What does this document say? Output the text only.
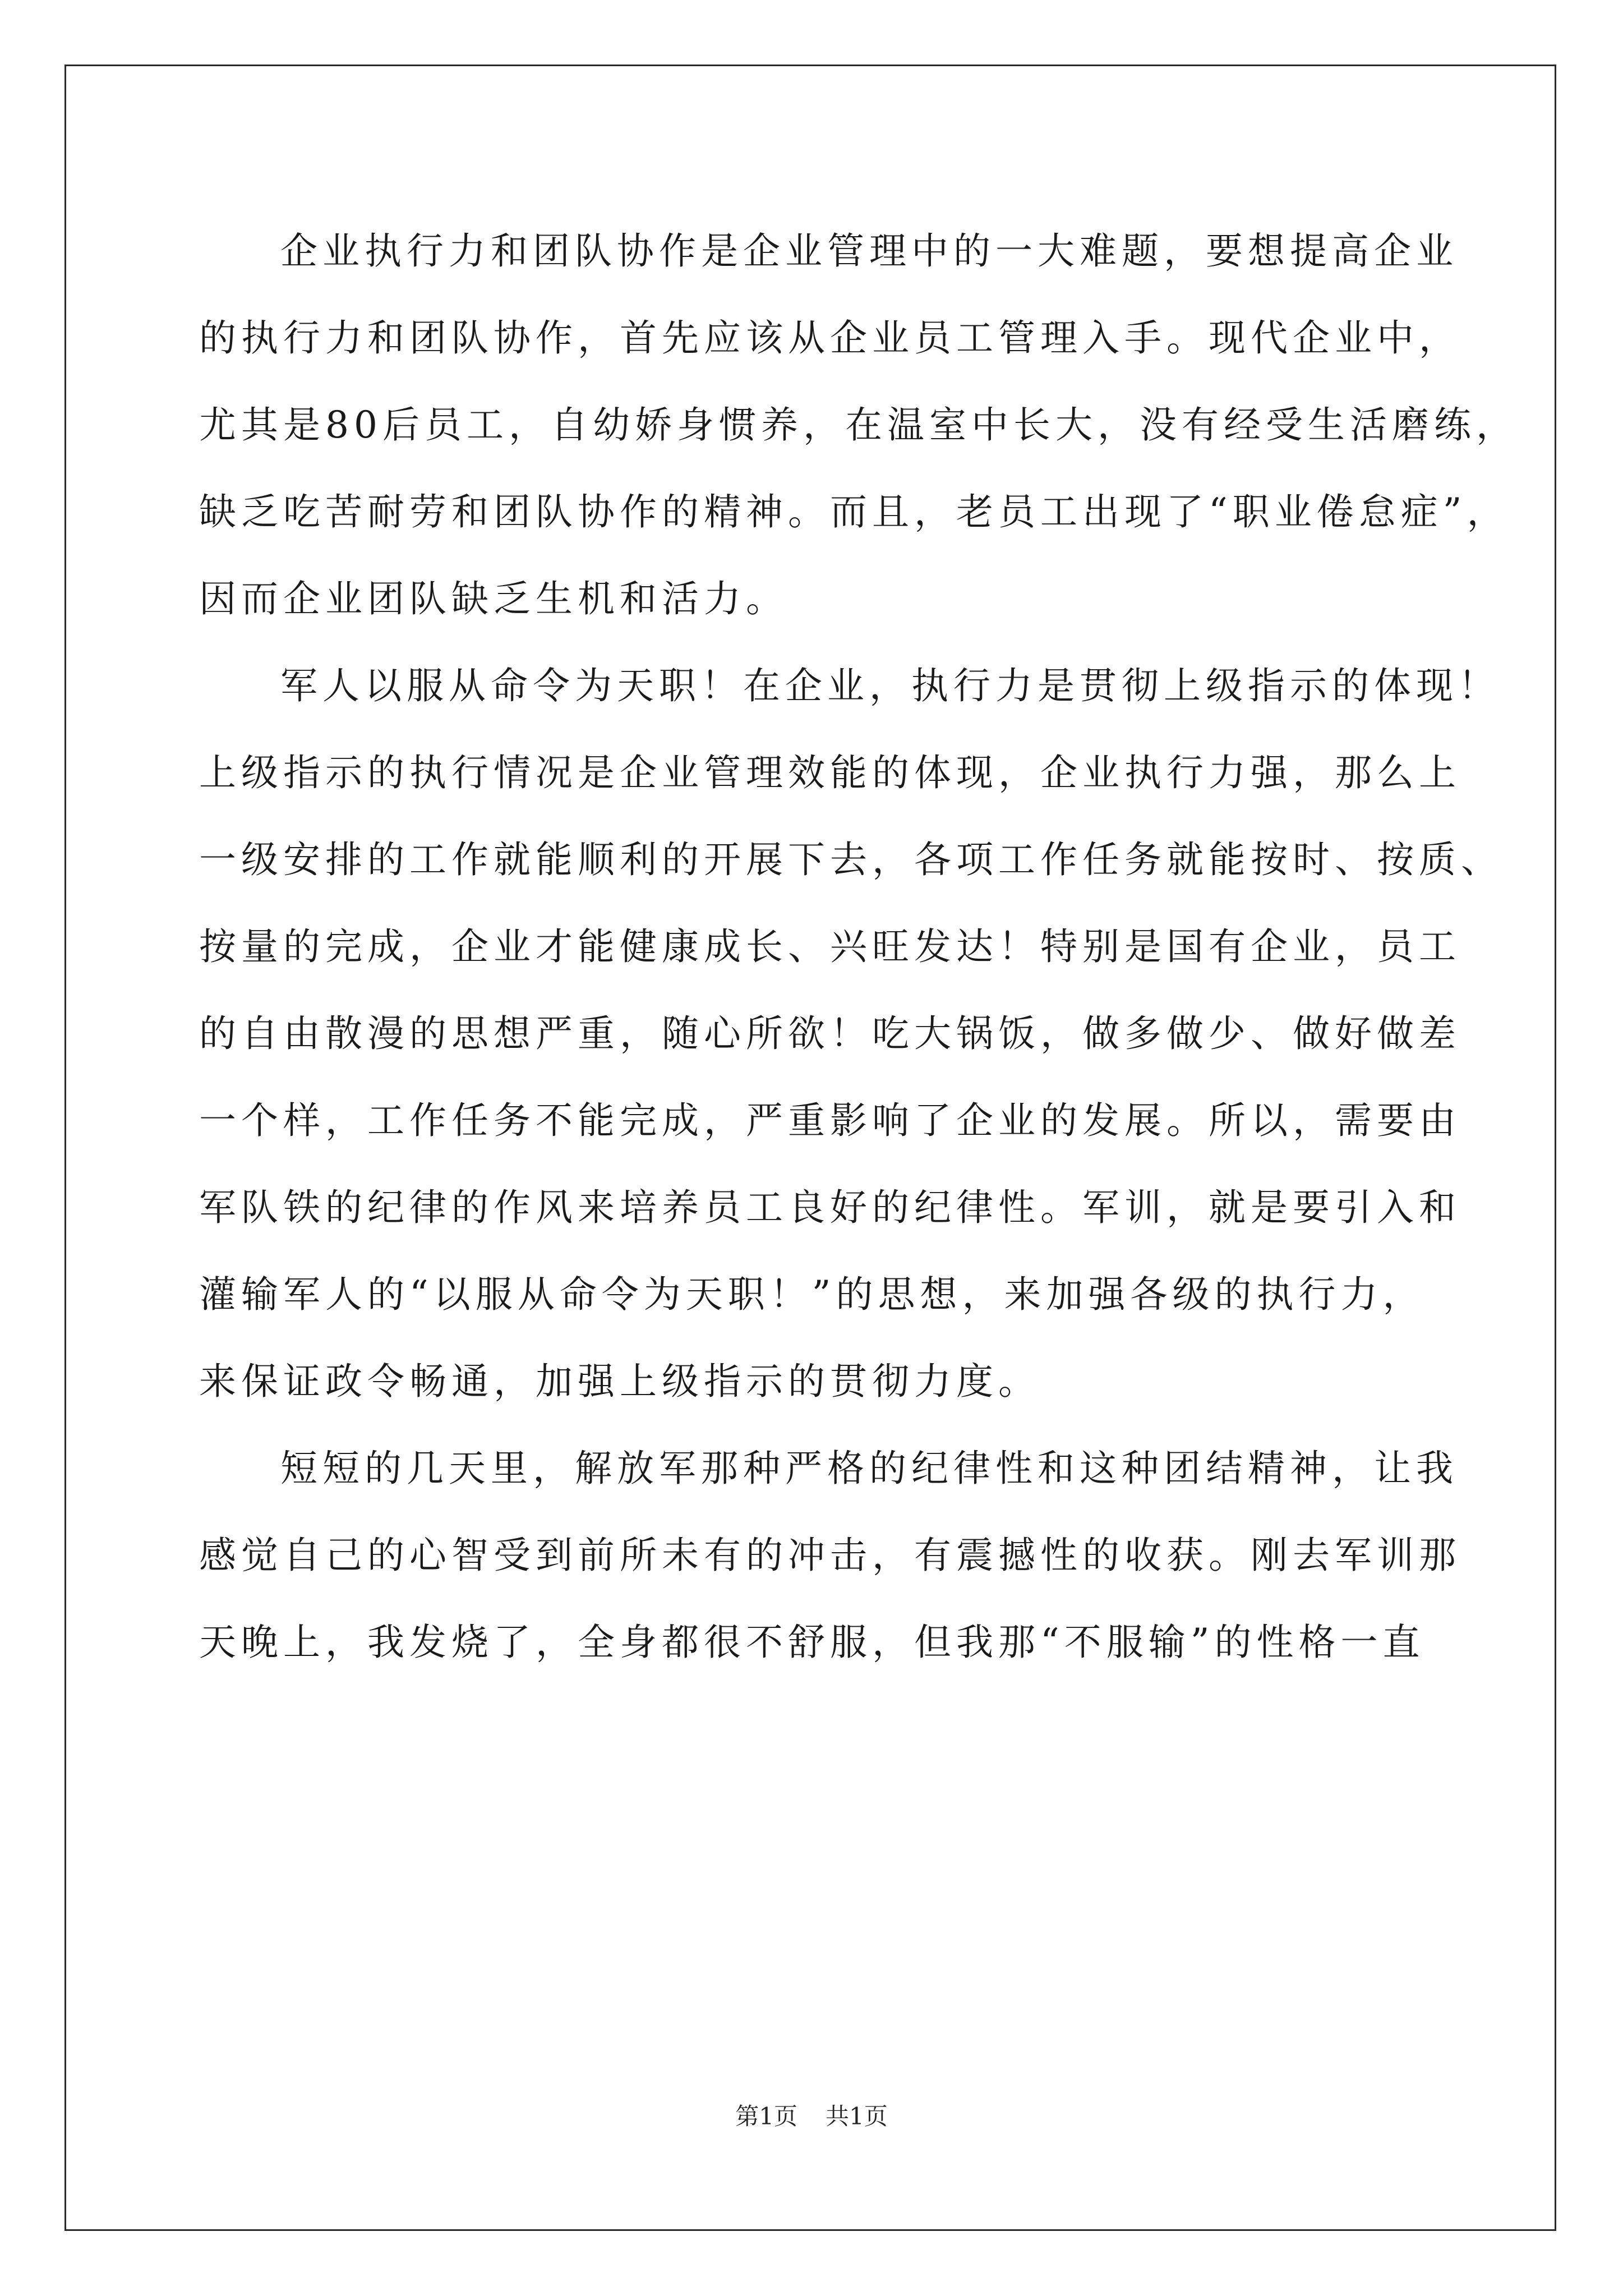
企业执行力和团队协作是企业管理中的一大难题，要想提高企业
的执行力和团队协作，首先应该从企业员工管理入手。现代企业中，
尤其是80后员工，自幼娇身惯养，在温室中长大，没有经受生活磨练，
缺乏吃苦耐劳和团队协作的精神。而且，老员工出现了“职业倦怠症”，
因而企业团队缺乏生机和活力。
军人以服从命令为天职！在企业，执行力是贯彻上级指示的体现！
上级指示的执行情况是企业管理效能的体现，企业执行力强，那么上
一级安排的工作就能顺利的开展下去，各项工作任务就能按时、按质、
按量的完成，企业才能健康成长、兴旺发达！特别是国有企业，员工
的自由散漫的思想严重，随心所欲！吃大锅饭，做多做少、做好做差
一个样，工作任务不能完成，严重影响了企业的发展。所以，需要由
军队铁的纪律的作风来培养员工良好的纪律性。军训，就是要引入和
灌输军人的“以服从命令为天职！”的思想，来加强各级的执行力，
来保证政令畅通，加强上级指示的贯彻力度。
短短的几天里，解放军那种严格的纪律性和这种团结精神，让我
感觉自己的心智受到前所未有的冲击，有震撼性的收获。刚去军训那
天晚上，我发烧了，全身都很不舒服，但我那“不服输”的性格一直
第1页 共1页
